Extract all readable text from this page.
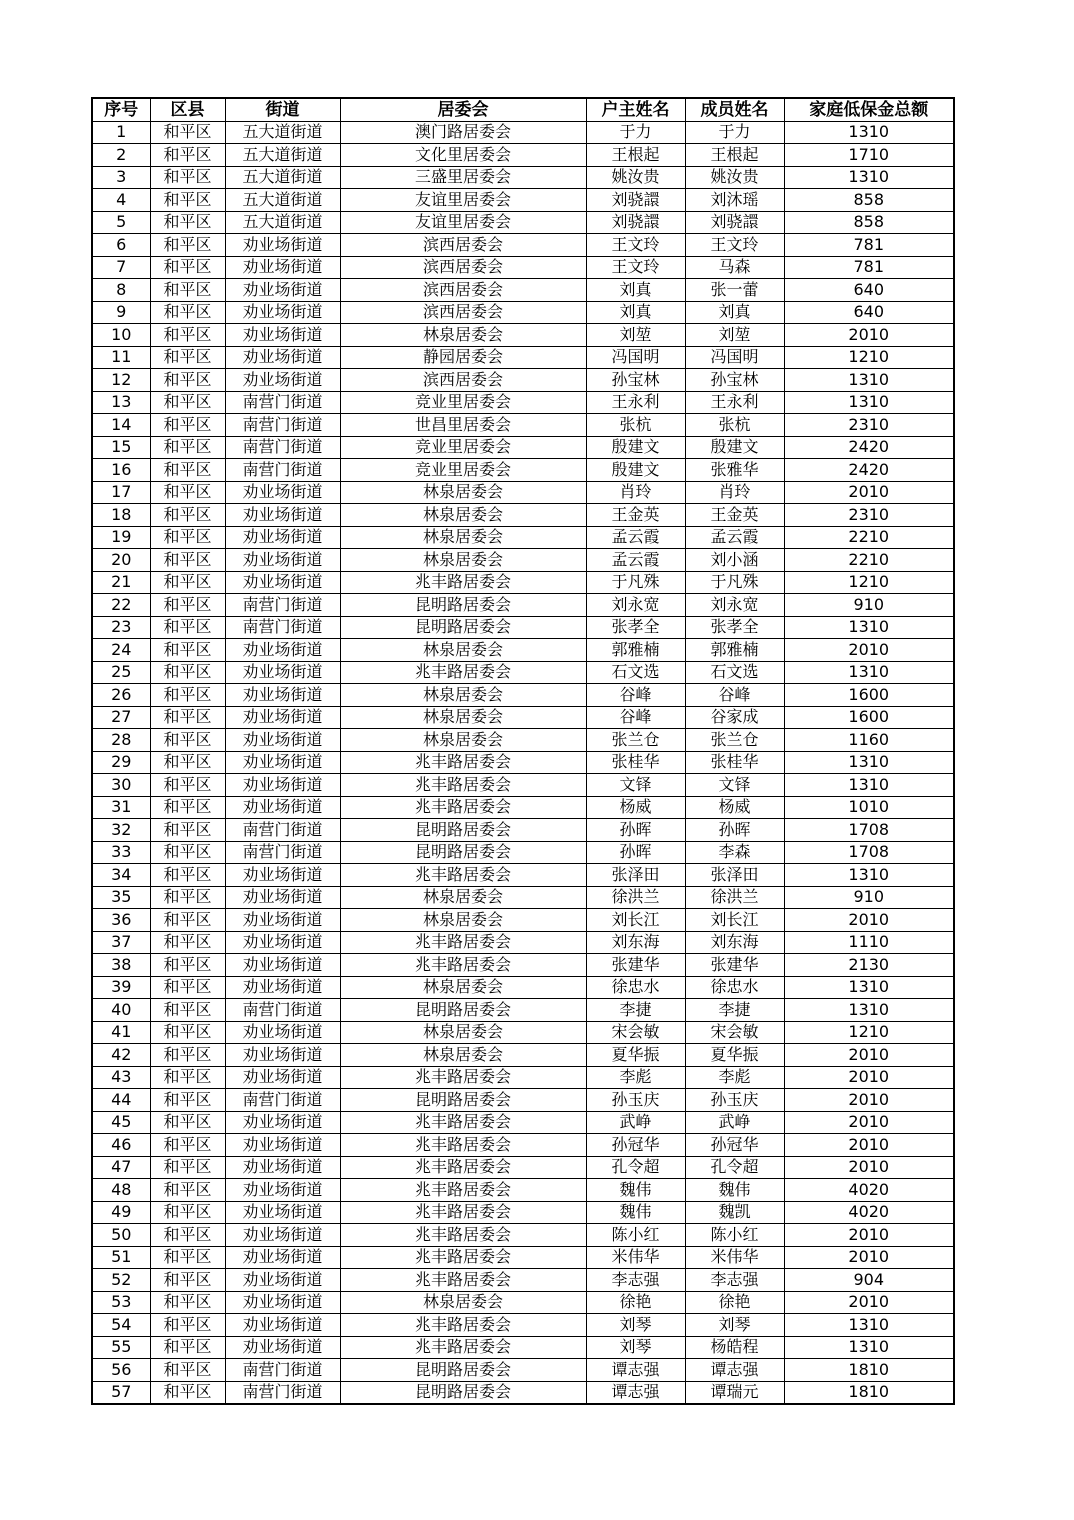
序号	区县	街道	居委会	户主姓名	成员姓名	家庭低保金总额
1	和平区	五大道街道	澳门路居委会	于力	于力	1310
2	和平区	五大道街道	文化里居委会	王根起	王根起	1710
3	和平区	五大道街道	三盛里居委会	姚汝贵	姚汝贵	1310
4	和平区	五大道街道	友谊里居委会	刘骁譞	刘沐瑶	858
5	和平区	五大道街道	友谊里居委会	刘骁譞	刘骁譞	858
6	和平区	劝业场街道	滨西居委会	王文玲	王文玲	781
7	和平区	劝业场街道	滨西居委会	王文玲	马森	781
8	和平区	劝业场街道	滨西居委会	刘真	张一蕾	640
9	和平区	劝业场街道	滨西居委会	刘真	刘真	640
10	和平区	劝业场街道	林泉居委会	刘堃	刘堃	2010
11	和平区	劝业场街道	静园居委会	冯国明	冯国明	1210
12	和平区	劝业场街道	滨西居委会	孙宝林	孙宝林	1310
13	和平区	南营门街道	竞业里居委会	王永利	王永利	1310
14	和平区	南营门街道	世昌里居委会	张杭	张杭	2310
15	和平区	南营门街道	竞业里居委会	殷建文	殷建文	2420
16	和平区	南营门街道	竞业里居委会	殷建文	张雅华	2420
17	和平区	劝业场街道	林泉居委会	肖玲	肖玲	2010
18	和平区	劝业场街道	林泉居委会	王金英	王金英	2310
19	和平区	劝业场街道	林泉居委会	孟云霞	孟云霞	2210
20	和平区	劝业场街道	林泉居委会	孟云霞	刘小涵	2210
21	和平区	劝业场街道	兆丰路居委会	于凡殊	于凡殊	1210
22	和平区	南营门街道	昆明路居委会	刘永宽	刘永宽	910
23	和平区	南营门街道	昆明路居委会	张孝全	张孝全	1310
24	和平区	劝业场街道	林泉居委会	郭雅楠	郭雅楠	2010
25	和平区	劝业场街道	兆丰路居委会	石文选	石文选	1310
26	和平区	劝业场街道	林泉居委会	谷峰	谷峰	1600
27	和平区	劝业场街道	林泉居委会	谷峰	谷家成	1600
28	和平区	劝业场街道	林泉居委会	张兰仓	张兰仓	1160
29	和平区	劝业场街道	兆丰路居委会	张桂华	张桂华	1310
30	和平区	劝业场街道	兆丰路居委会	文铎	文铎	1310
31	和平区	劝业场街道	兆丰路居委会	杨威	杨威	1010
32	和平区	南营门街道	昆明路居委会	孙晖	孙晖	1708
33	和平区	南营门街道	昆明路居委会	孙晖	李森	1708
34	和平区	劝业场街道	兆丰路居委会	张泽田	张泽田	1310
35	和平区	劝业场街道	林泉居委会	徐洪兰	徐洪兰	910
36	和平区	劝业场街道	林泉居委会	刘长江	刘长江	2010
37	和平区	劝业场街道	兆丰路居委会	刘东海	刘东海	1110
38	和平区	劝业场街道	兆丰路居委会	张建华	张建华	2130
39	和平区	劝业场街道	林泉居委会	徐忠水	徐忠水	1310
40	和平区	南营门街道	昆明路居委会	李捷	李捷	1310
41	和平区	劝业场街道	林泉居委会	宋会敏	宋会敏	1210
42	和平区	劝业场街道	林泉居委会	夏华振	夏华振	2010
43	和平区	劝业场街道	兆丰路居委会	李彪	李彪	2010
44	和平区	南营门街道	昆明路居委会	孙玉庆	孙玉庆	2010
45	和平区	劝业场街道	兆丰路居委会	武峥	武峥	2010
46	和平区	劝业场街道	兆丰路居委会	孙冠华	孙冠华	2010
47	和平区	劝业场街道	兆丰路居委会	孔令超	孔令超	2010
48	和平区	劝业场街道	兆丰路居委会	魏伟	魏伟	4020
49	和平区	劝业场街道	兆丰路居委会	魏伟	魏凯	4020
50	和平区	劝业场街道	兆丰路居委会	陈小红	陈小红	2010
51	和平区	劝业场街道	兆丰路居委会	米伟华	米伟华	2010
52	和平区	劝业场街道	兆丰路居委会	李志强	李志强	904
53	和平区	劝业场街道	林泉居委会	徐艳	徐艳	2010
54	和平区	劝业场街道	兆丰路居委会	刘琴	刘琴	1310
55	和平区	劝业场街道	兆丰路居委会	刘琴	杨皓程	1310
56	和平区	南营门街道	昆明路居委会	谭志强	谭志强	1810
57	和平区	南营门街道	昆明路居委会	谭志强	谭瑞元	1810
